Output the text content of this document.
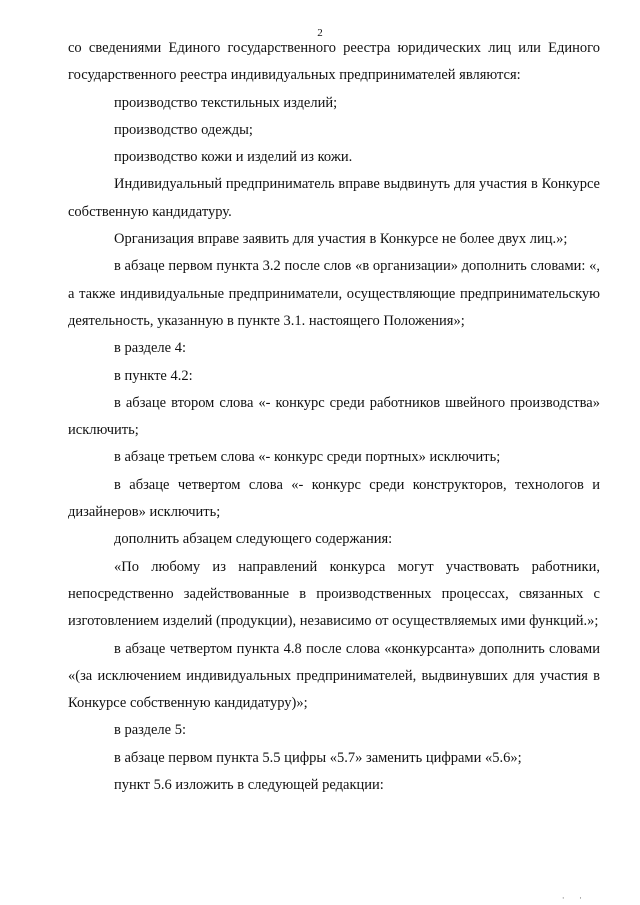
2

со сведениями Единого государственного реестра юридических лиц или Единого государственного реестра индивидуальных предпринимателей являются:

производство текстильных изделий;

производство одежды;

производство кожи и изделий из кожи.

Индивидуальный предприниматель вправе выдвинуть для участия в Конкурсе собственную кандидатуру.

Организация вправе заявить для участия в Конкурсе не более двух лиц.»;

в абзаце первом пункта 3.2 после слов «в организации» дополнить словами: «, а также индивидуальные предприниматели, осуществляющие предпринимательскую деятельность, указанную в пункте 3.1. настоящего Положения»;

в разделе 4:

в пункте 4.2:

в абзаце втором слова «- конкурс среди работников швейного производства» исключить;

в абзаце третьем слова «- конкурс среди портных» исключить;

в абзаце четвертом слова «- конкурс среди конструкторов, технологов и дизайнеров» исключить;

дополнить абзацем следующего содержания:

«По любому из направлений конкурса могут участвовать работники, непосредственно задействованные в производственных процессах, связанных с изготовлением изделий (продукции), независимо от осуществляемых ими функций.»;

в абзаце четвертом пункта 4.8 после слова «конкурсанта» дополнить словами «(за исключением индивидуальных предпринимателей, выдвинувших для участия в Конкурсе собственную кандидатуру)»;

в разделе 5:

в абзаце первом пункта 5.5 цифры «5.7» заменить цифрами «5.6»;

пункт 5.6 изложить в следующей редакции:

· ·
